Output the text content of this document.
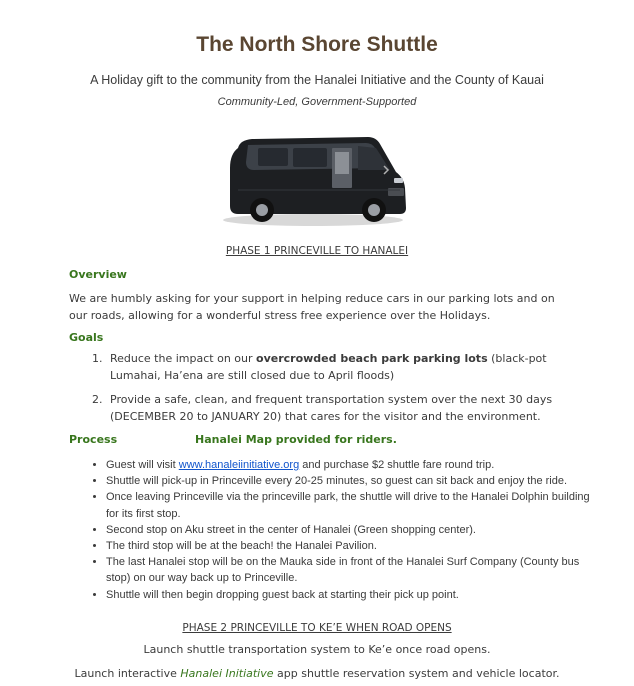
The North Shore Shuttle
A Holiday gift to the community from the Hanalei Initiative and the County of Kauai
Community-Led, Government-Supported
PHASE 1 PRINCEVILLE TO HANALEI
Overview
We are humbly asking for your support in helping reduce cars in our parking lots and on our roads, allowing for a wonderful stress free experience over the Holidays.
Goals
1. Reduce the impact on our overcrowded beach park parking lots (black-pot Lumahai, Ha’ena are still closed due to April floods)
2. Provide a safe, clean, and frequent transportation system over the next 30 days (DECEMBER 20 to JANUARY 20) that cares for the visitor and the environment.
Process	Hanalei Map provided for riders.
• Guest will visit www.hanaleiinitiative.org and purchase $2 shuttle fare round trip.
• Shuttle will pick-up in Princeville every 20-25 minutes, so guest can sit back and enjoy the ride.
• Once leaving Princeville via the princeville park, the shuttle will drive to the Hanalei Dolphin building for its first stop.
• Second stop on Aku street in the center of Hanalei (Green shopping center).
• The third stop will be at the beach! the Hanalei Pavilion.
• The last Hanalei stop will be on the Mauka side in front of the Hanalei Surf Company (County bus stop) on our way back up to Princeville.
• Shuttle will then begin dropping guest back at starting their pick up point.
PHASE 2 PRINCEVILLE TO KE’E WHEN ROAD OPENS
Launch shuttle transportation system to Ke’e once road opens.
Launch interactive Hanalei Initiative app shuttle reservation system and vehicle locator.
